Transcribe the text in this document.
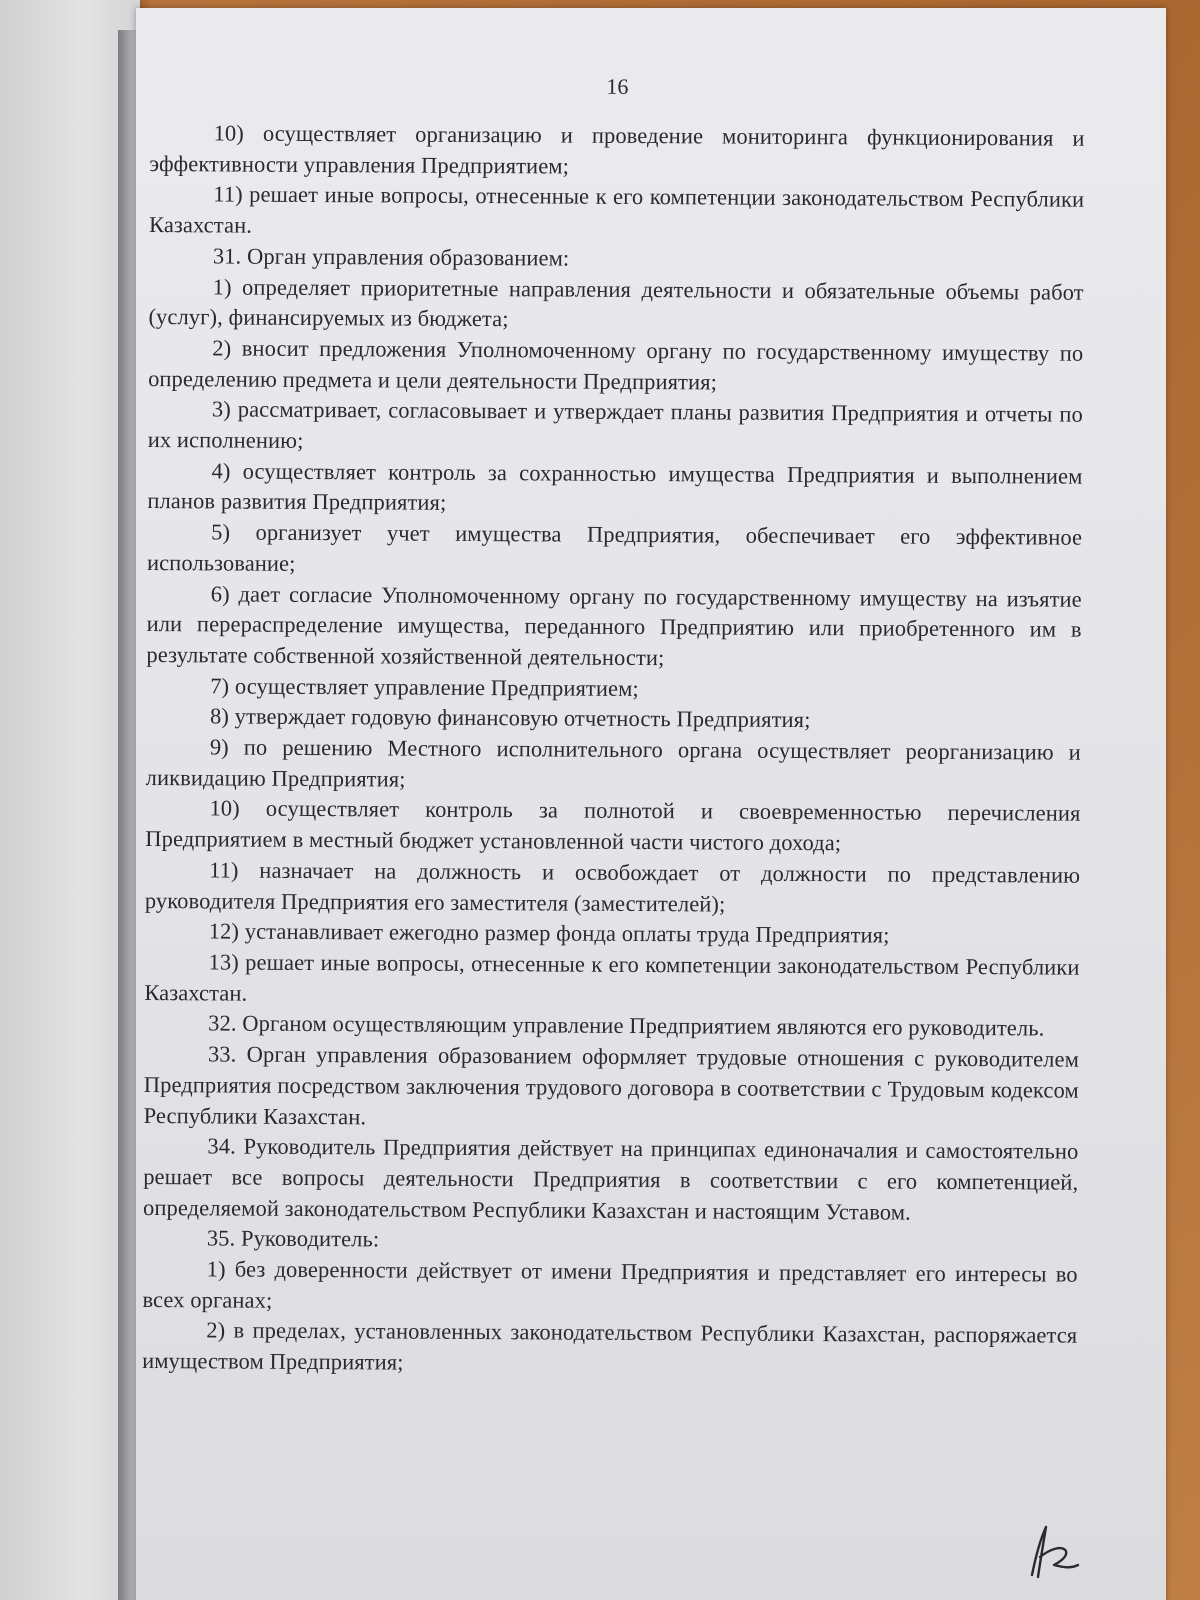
16

10) осуществляет организацию и проведение мониторинга функционирования и эффективности управления Предприятием;

11) решает иные вопросы, отнесенные к его компетенции законодательством Республики Казахстан.

31. Орган управления образованием:

1) определяет приоритетные направления деятельности и обязательные объемы работ (услуг), финансируемых из бюджета;

2) вносит предложения Уполномоченному органу по государственному имуществу по определению предмета и цели деятельности Предприятия;

3) рассматривает, согласовывает и утверждает планы развития Предприятия и отчеты по их исполнению;

4) осуществляет контроль за сохранностью имущества Предприятия и выполнением планов развития Предприятия;

5) организует учет имущества Предприятия, обеспечивает его эффективное использование;

6) дает согласие Уполномоченному органу по государственному имуществу на изъятие или перераспределение имущества, переданного Предприятию или приобретенного им в результате собственной хозяйственной деятельности;

7) осуществляет управление Предприятием;

8) утверждает годовую финансовую отчетность Предприятия;

9) по решению Местного исполнительного органа осуществляет реорганизацию и ликвидацию Предприятия;

10) осуществляет контроль за полнотой и своевременностью перечисления Предприятием в местный бюджет установленной части чистого дохода;

11) назначает на должность и освобождает от должности по представлению руководителя Предприятия его заместителя (заместителей);

12) устанавливает ежегодно размер фонда оплаты труда Предприятия;

13) решает иные вопросы, отнесенные к его компетенции законодательством Республики Казахстан.

32. Органом осуществляющим управление Предприятием являются его руководитель.

33. Орган управления образованием оформляет трудовые отношения с руководителем Предприятия посредством заключения трудового договора в соответствии с Трудовым кодексом Республики Казахстан.

34. Руководитель Предприятия действует на принципах единоначалия и самостоятельно решает все вопросы деятельности Предприятия в соответствии с его компетенцией, определяемой законодательством Республики Казахстан и настоящим Уставом.

35. Руководитель:

1) без доверенности действует от имени Предприятия и представляет его интересы во всех органах;

2) в пределах, установленных законодательством Республики Казахстан, распоряжается имуществом Предприятия;
